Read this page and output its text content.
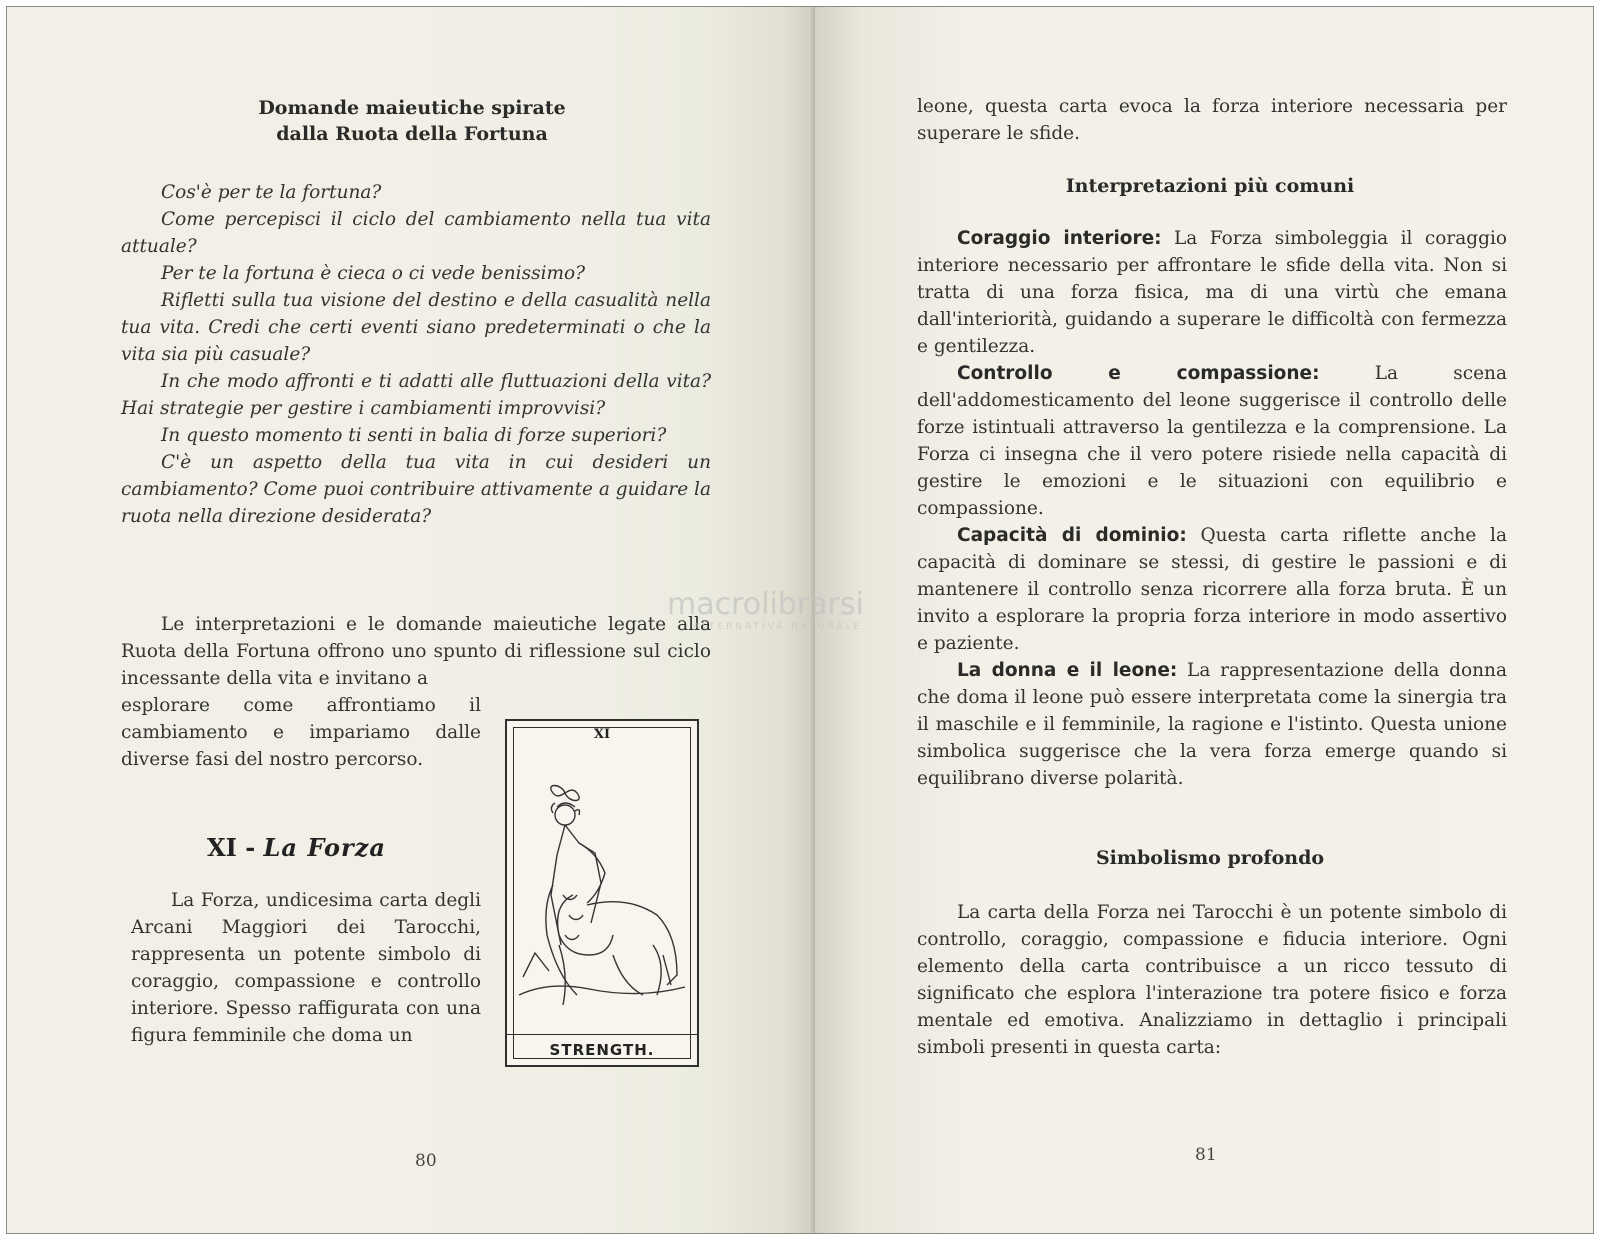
Domande maieutiche spirate
dalla Ruota della Fortuna

Cos'è per te la fortuna?

Come percepisci il ciclo del cambiamento nella tua vita attuale?

Per te la fortuna è cieca o ci vede benissimo?

Rifletti sulla tua visione del destino e della casualità nella tua vita. Credi che certi eventi siano predeterminati o che la vita sia più casuale?

In che modo affronti e ti adatti alle fluttuazioni della vita? Hai strategie per gestire i cambiamenti improvvisi?

In questo momento ti senti in balia di forze superiori?

C'è un aspetto della tua vita in cui desideri un cambiamento? Come puoi contribuire attivamente a guidare la ruota nella direzione desiderata?

Le interpretazioni e le domande maieutiche legate alla Ruota della Fortuna offrono uno spunto di riflessione sul ciclo incessante della vita e invitano a

esplorare come affrontiamo il cambiamento e impariamo dalle diverse fasi del nostro percorso.

XI - La Forza

La Forza, undicesima carta degli Arcani Maggiori dei Tarocchi, rappresenta un potente simbolo di coraggio, compassione e controllo interiore. Spesso raffigurata con una figura femminile che doma un

XI
STRENGTH.
80

leone, questa carta evoca la forza interiore necessaria per superare le sfide.

Interpretazioni più comuni

Coraggio interiore: La Forza simboleggia il coraggio interiore necessario per affrontare le sfide della vita. Non si tratta di una forza fisica, ma di una virtù che emana dall'interiorità, guidando a superare le difficoltà con fermezza e gentilezza.

Controllo e compassione:	La scena dell'addomesticamento del leone suggerisce il controllo delle forze istintuali attraverso la gentilezza e la comprensione. La Forza ci insegna che il vero potere risiede nella capacità di gestire le emozioni e le situazioni con equilibrio e compassione.

Capacità di dominio: Questa carta riflette anche la capacità di dominare se stessi, di gestire le passioni e di mantenere il controllo senza ricorrere alla forza bruta. È un invito a esplorare la propria forza interiore in modo assertivo e paziente.

La donna e il leone: La rappresentazione della donna che doma il leone può essere interpretata come la sinergia tra il maschile e il femminile, la ragione e l'istinto. Questa unione simbolica suggerisce che la vera forza emerge quando si equilibrano diverse polarità.

Simbolismo profondo

La carta della Forza nei Tarocchi è un potente simbolo di controllo, coraggio, compassione e fiducia interiore. Ogni elemento della carta contribuisce a un ricco tessuto di significato che esplora l'interazione tra potere fisico e forza mentale ed emotiva. Analizziamo in dettaglio i principali simboli presenti in questa carta:

81
macrolibrarsi
ALTERNATIVA NATURALE
